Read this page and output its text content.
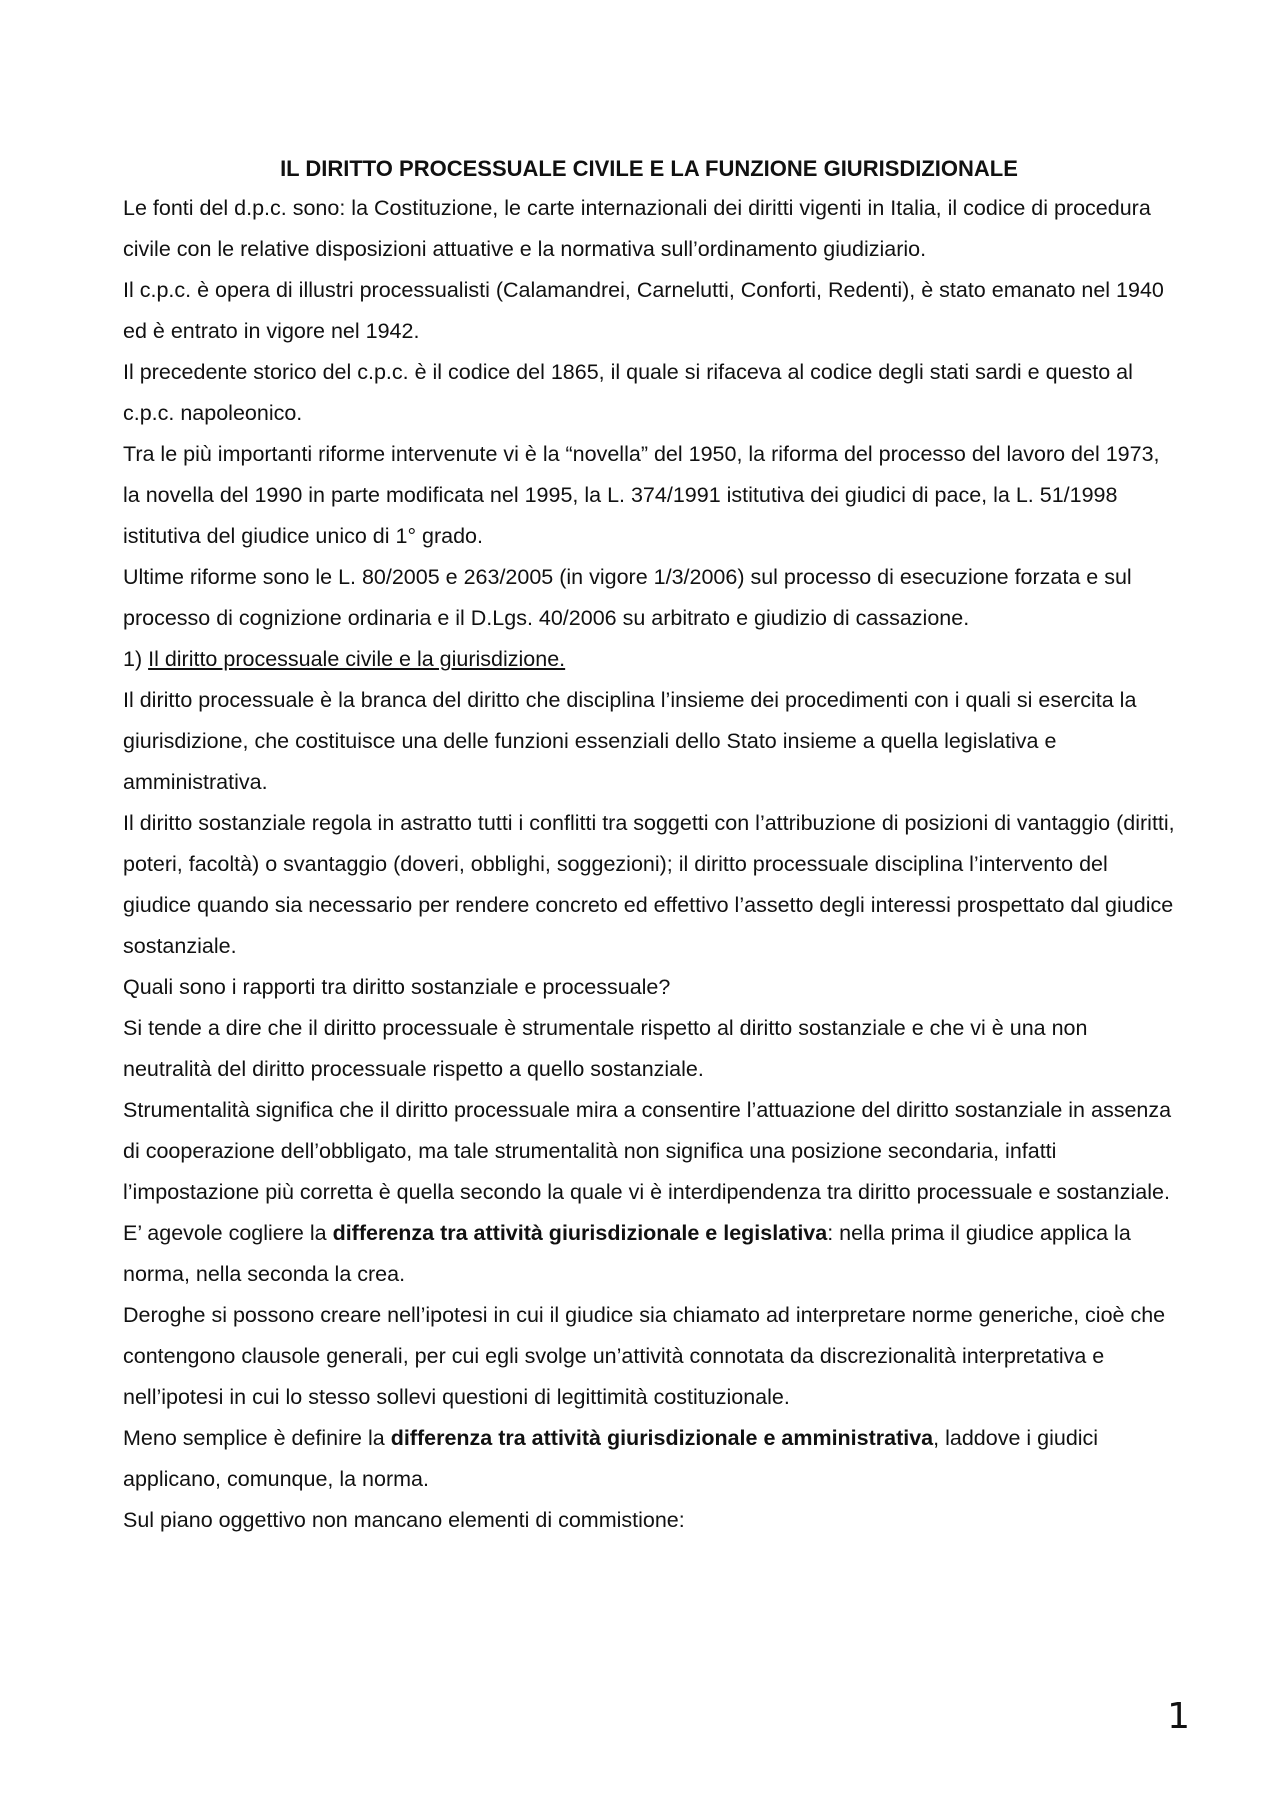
IL DIRITTO PROCESSUALE CIVILE E LA FUNZIONE GIURISDIZIONALE

Le fonti del d.p.c. sono: la Costituzione, le carte internazionali dei diritti vigenti in Italia, il codice di procedura civile con le relative disposizioni attuative e la normativa sull’ordinamento giudiziario.

Il c.p.c. è opera di illustri processualisti (Calamandrei, Carnelutti, Conforti, Redenti), è stato emanato nel 1940 ed è entrato in vigore nel 1942.

Il precedente storico del c.p.c. è il codice del 1865, il quale si rifaceva al codice degli stati sardi e questo al c.p.c. napoleonico.

Tra le più importanti riforme intervenute vi è la “novella” del 1950, la riforma del processo del lavoro del 1973, la novella del 1990 in parte modificata nel 1995, la L. 374/1991 istitutiva dei giudici di pace, la L. 51/1998 istitutiva del giudice unico di 1° grado.

Ultime riforme sono le L. 80/2005 e 263/2005 (in vigore 1/3/2006) sul processo di esecuzione forzata e sul processo di cognizione ordinaria e il D.Lgs. 40/2006 su arbitrato e giudizio di cassazione.

1) Il diritto processuale civile e la giurisdizione.

Il diritto processuale è la branca del diritto che disciplina l’insieme dei procedimenti con i quali si esercita la giurisdizione, che costituisce una delle funzioni essenziali dello Stato insieme a quella legislativa e amministrativa.

Il diritto sostanziale regola in astratto tutti i conflitti tra soggetti con l’attribuzione di posizioni di vantaggio (diritti, poteri, facoltà) o svantaggio (doveri, obblighi, soggezioni); il diritto processuale disciplina l’intervento del giudice quando sia necessario per rendere concreto ed effettivo l’assetto degli interessi prospettato dal giudice sostanziale.

Quali sono i rapporti tra diritto sostanziale e processuale?

Si tende a dire che il diritto processuale è strumentale rispetto al diritto sostanziale e che vi è una non neutralità del diritto processuale rispetto a quello sostanziale.

Strumentalità significa che il diritto processuale mira a consentire l’attuazione del diritto sostanziale in assenza di cooperazione dell’obbligato, ma tale strumentalità non significa una posizione secondaria, infatti l’impostazione più corretta è quella secondo la quale vi è interdipendenza tra diritto processuale e sostanziale.

E’ agevole cogliere la differenza tra attività giurisdizionale e legislativa: nella prima il giudice applica la norma, nella seconda la crea.

Deroghe si possono creare nell’ipotesi in cui il giudice sia chiamato ad interpretare norme generiche, cioè che contengono clausole generali, per cui egli svolge un’attività connotata da discrezionalità interpretativa e nell’ipotesi in cui lo stesso sollevi questioni di legittimità costituzionale.

Meno semplice è definire la differenza tra attività giurisdizionale e amministrativa, laddove i giudici applicano, comunque, la norma.

Sul piano oggettivo non mancano elementi di commistione:

1
